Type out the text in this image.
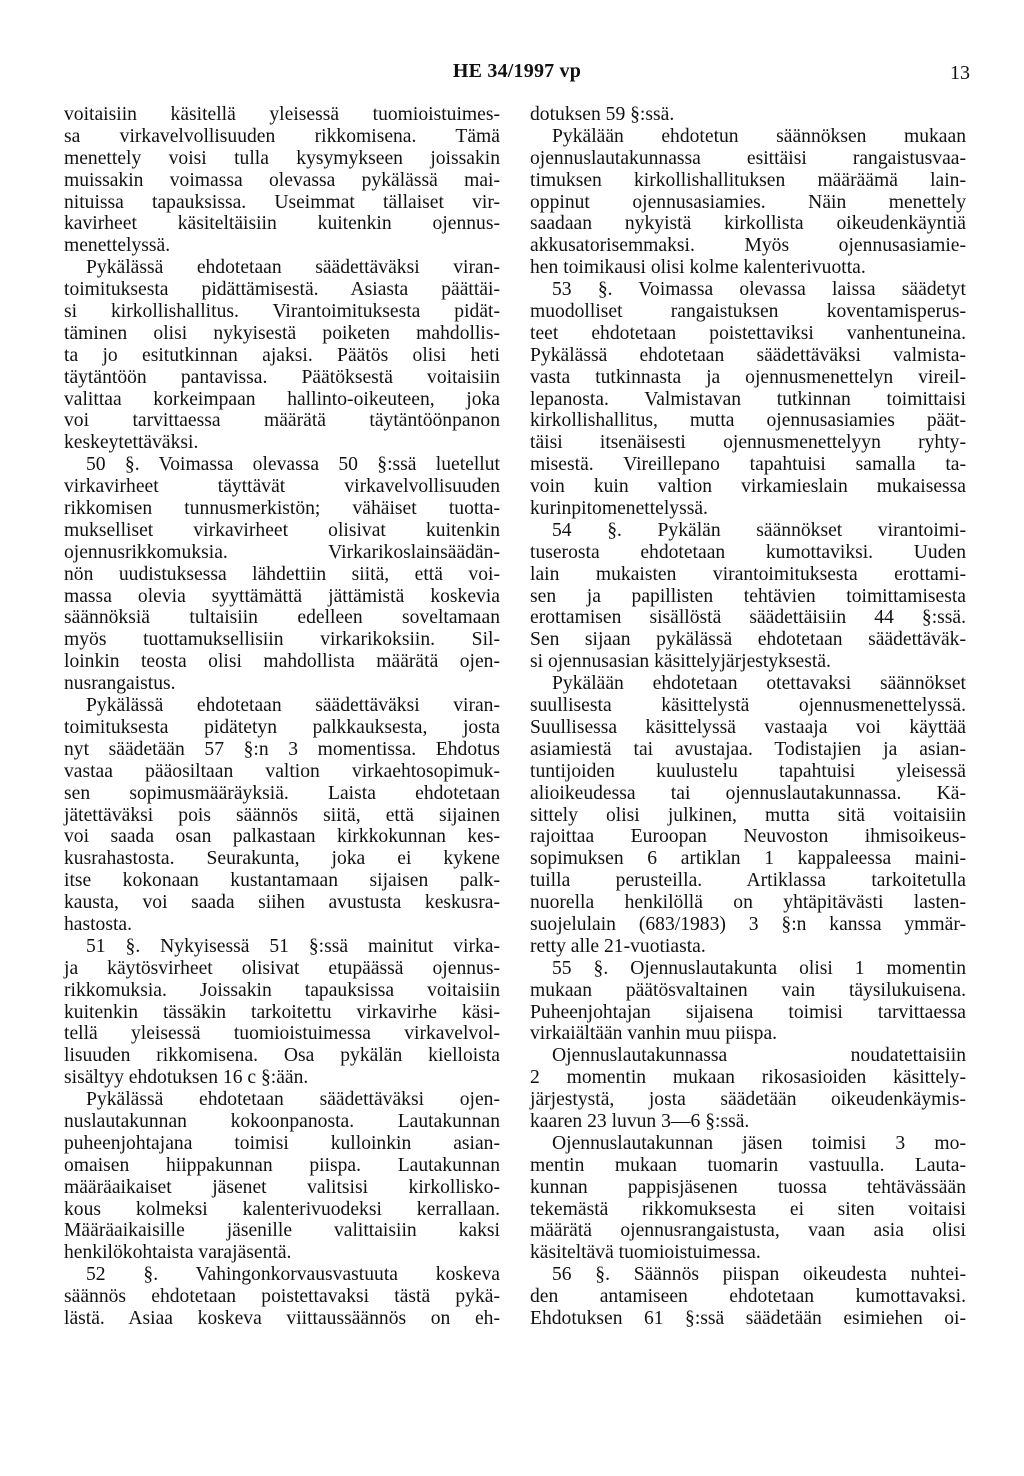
HE 34/1997 vp	13
voitaisiin käsitellä yleisessä tuomioistuimes-
sa virkavelvollisuuden rikkomisena. Tämä
menettely voisi tulla kysymykseen joissakin
muissakin voimassa olevassa pykälässä mai-
nituissa tapauksissa. Useimmat tällaiset vir-
kavirheet käsiteltäisiin kuitenkin ojennus-
menettelyssä.
Pykälässä ehdotetaan säädettäväksi viran-
toimituksesta pidättämisestä. Asiasta päättäi-
si kirkollishallitus. Virantoimituksesta pidät-
täminen olisi nykyisestä poiketen mahdollis-
ta jo esitutkinnan ajaksi. Päätös olisi heti
täytäntöön pantavissa. Päätöksestä voitaisiin
valittaa korkeimpaan hallinto-oikeuteen, joka
voi tarvittaessa määrätä täytäntöönpanon
keskeytettäväksi.
50 §. Voimassa olevassa 50 §:ssä luetellut
virkavirheet täyttävät virkavelvollisuuden
rikkomisen tunnusmerkistön; vähäiset tuotta-
mukselliset virkavirheet olisivat kuitenkin
ojennusrikkomuksia. Virkarikoslainsäädän-
nön uudistuksessa lähdettiin siitä, että voi-
massa olevia syyttämättä jättämistä koskevia
säännöksiä tultaisiin edelleen soveltamaan
myös tuottamuksellisiin virkarikoksiin. Sil-
loinkin teosta olisi mahdollista määrätä ojen-
nusrangaistus.
Pykälässä ehdotetaan säädettäväksi viran-
toimituksesta pidätetyn palkkauksesta, josta
nyt säädetään 57 §:n 3 momentissa. Ehdotus
vastaa pääosiltaan valtion virkaehtosopimuk-
sen sopimusmääräyksiä. Laista ehdotetaan
jätettäväksi pois säännös siitä, että sijainen
voi saada osan palkastaan kirkkokunnan kes-
kusrahastosta. Seurakunta, joka ei kykene
itse kokonaan kustantamaan sijaisen palk-
kausta, voi saada siihen avustusta keskusra-
hastosta.
51 §. Nykyisessä 51 §:ssä mainitut virka-
ja käytösvirheet olisivat etupäässä ojennus-
rikkomuksia. Joissakin tapauksissa voitaisiin
kuitenkin tässäkin tarkoitettu virkavirhe käsi-
tellä yleisessä tuomioistuimessa virkavelvol-
lisuuden rikkomisena. Osa pykälän kielloista
sisältyy ehdotuksen 16 c §:ään.
Pykälässä ehdotetaan säädettäväksi ojen-
nuslautakunnan kokoonpanosta. Lautakunnan
puheenjohtajana toimisi kulloinkin asian-
omaisen hiippakunnan piispa. Lautakunnan
määräaikaiset jäsenet valitsisi kirkollisko-
kous kolmeksi kalenterivuodeksi kerrallaan.
Määräaikaisille jäsenille valittaisiin kaksi
henkilökohtaista varajäsentä.
52 §. Vahingonkorvausvastuuta koskeva
säännös ehdotetaan poistettavaksi tästä pykä-
lästä. Asiaa koskeva viittaussäännös on eh-
dotuksen 59 §:ssä.
Pykälään ehdotetun säännöksen mukaan
ojennuslautakunnassa esittäisi rangaistusvaa-
timuksen kirkollishallituksen määräämä lain-
oppinut ojennusasiamies. Näin menettely
saadaan nykyistä kirkollista oikeudenkäyntiä
akkusatorisemmaksi. Myös ojennusasiamie-
hen toimikausi olisi kolme kalenterivuotta.
53 §. Voimassa olevassa laissa säädetyt
muodolliset rangaistuksen koventamisperus-
teet ehdotetaan poistettaviksi vanhentuneina.
Pykälässä ehdotetaan säädettäväksi valmista-
vasta tutkinnasta ja ojennusmenettelyn vireil-
lepanosta. Valmistavan tutkinnan toimittaisi
kirkollishallitus, mutta ojennusasiamies päät-
täisi itsenäisesti ojennusmenettelyyn ryhty-
misestä. Vireillepano tapahtuisi samalla ta-
voin kuin valtion virkamieslain mukaisessa
kurinpitomenettelyssä.
54 §. Pykälän säännökset virantoimi-
tuserosta ehdotetaan kumottaviksi. Uuden
lain mukaisten virantoimituksesta erottami-
sen ja papillisten tehtävien toimittamisesta
erottamisen sisällöstä säädettäisiin 44 §:ssä.
Sen sijaan pykälässä ehdotetaan säädettäväk-
si ojennusasian käsittelyjärjestyksestä.
Pykälään ehdotetaan otettavaksi säännökset
suullisesta käsittelystä ojennusmenettelyssä.
Suullisessa käsittelyssä vastaaja voi käyttää
asiamiestä tai avustajaa. Todistajien ja asian-
tuntijoiden kuulustelu tapahtuisi yleisessä
alioikeudessa tai ojennuslautakunnassa. Kä-
sittely olisi julkinen, mutta sitä voitaisiin
rajoittaa Euroopan Neuvoston ihmisoikeus-
sopimuksen 6 artiklan 1 kappaleessa maini-
tuilla perusteilla. Artiklassa tarkoitetulla
nuorella henkilöllä on yhtäpitävästi lasten-
suojelulain (683/1983) 3 §:n kanssa ymmär-
retty alle 21-vuotiasta.
55 §. Ojennuslautakunta olisi 1 momentin
mukaan päätösvaltainen vain täysilukuisena.
Puheenjohtajan sijaisena toimisi tarvittaessa
virkaiältään vanhin muu piispa.
Ojennuslautakunnassa noudatettaisiin
2 momentin mukaan rikosasioiden käsittely-
järjestystä, josta säädetään oikeudenkäymis-
kaaren 23 luvun 3—6 §:ssä.
Ojennuslautakunnan jäsen toimisi 3 mo-
mentin mukaan tuomarin vastuulla. Lauta-
kunnan pappisjäsenen tuossa tehtävässään
tekemästä rikkomuksesta ei siten voitaisi
määrätä ojennusrangaistusta, vaan asia olisi
käsiteltävä tuomioistuimessa.
56 §. Säännös piispan oikeudesta nuhtei-
den antamiseen ehdotetaan kumottavaksi.
Ehdotuksen 61 §:ssä säädetään esimiehen oi-
